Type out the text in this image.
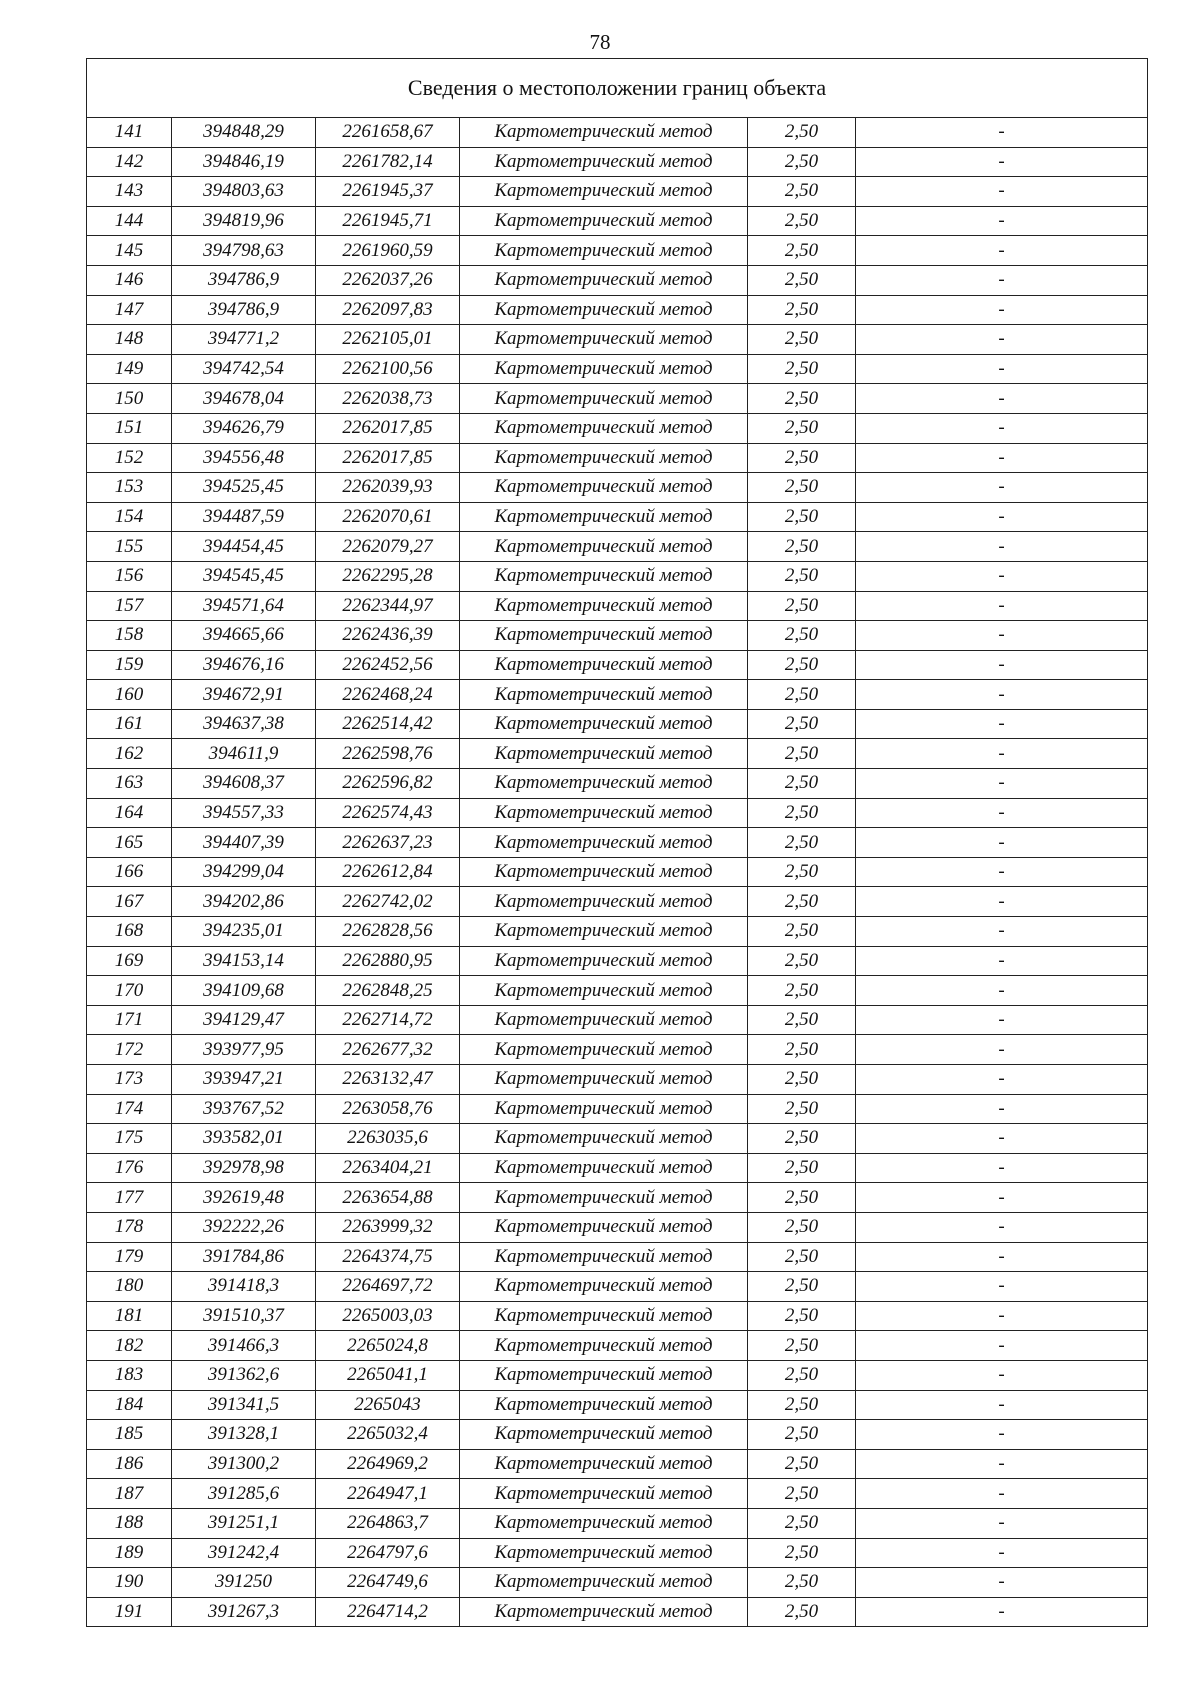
78
Сведения о местоположении границ объекта					
141	394848,29	2261658,67	Картометрический метод	2,50	-
142	394846,19	2261782,14	Картометрический метод	2,50	-
143	394803,63	2261945,37	Картометрический метод	2,50	-
144	394819,96	2261945,71	Картометрический метод	2,50	-
145	394798,63	2261960,59	Картометрический метод	2,50	-
146	394786,9	2262037,26	Картометрический метод	2,50	-
147	394786,9	2262097,83	Картометрический метод	2,50	-
148	394771,2	2262105,01	Картометрический метод	2,50	-
149	394742,54	2262100,56	Картометрический метод	2,50	-
150	394678,04	2262038,73	Картометрический метод	2,50	-
151	394626,79	2262017,85	Картометрический метод	2,50	-
152	394556,48	2262017,85	Картометрический метод	2,50	-
153	394525,45	2262039,93	Картометрический метод	2,50	-
154	394487,59	2262070,61	Картометрический метод	2,50	-
155	394454,45	2262079,27	Картометрический метод	2,50	-
156	394545,45	2262295,28	Картометрический метод	2,50	-
157	394571,64	2262344,97	Картометрический метод	2,50	-
158	394665,66	2262436,39	Картометрический метод	2,50	-
159	394676,16	2262452,56	Картометрический метод	2,50	-
160	394672,91	2262468,24	Картометрический метод	2,50	-
161	394637,38	2262514,42	Картометрический метод	2,50	-
162	394611,9	2262598,76	Картометрический метод	2,50	-
163	394608,37	2262596,82	Картометрический метод	2,50	-
164	394557,33	2262574,43	Картометрический метод	2,50	-
165	394407,39	2262637,23	Картометрический метод	2,50	-
166	394299,04	2262612,84	Картометрический метод	2,50	-
167	394202,86	2262742,02	Картометрический метод	2,50	-
168	394235,01	2262828,56	Картометрический метод	2,50	-
169	394153,14	2262880,95	Картометрический метод	2,50	-
170	394109,68	2262848,25	Картометрический метод	2,50	-
171	394129,47	2262714,72	Картометрический метод	2,50	-
172	393977,95	2262677,32	Картометрический метод	2,50	-
173	393947,21	2263132,47	Картометрический метод	2,50	-
174	393767,52	2263058,76	Картометрический метод	2,50	-
175	393582,01	2263035,6	Картометрический метод	2,50	-
176	392978,98	2263404,21	Картометрический метод	2,50	-
177	392619,48	2263654,88	Картометрический метод	2,50	-
178	392222,26	2263999,32	Картометрический метод	2,50	-
179	391784,86	2264374,75	Картометрический метод	2,50	-
180	391418,3	2264697,72	Картометрический метод	2,50	-
181	391510,37	2265003,03	Картометрический метод	2,50	-
182	391466,3	2265024,8	Картометрический метод	2,50	-
183	391362,6	2265041,1	Картометрический метод	2,50	-
184	391341,5	2265043	Картометрический метод	2,50	-
185	391328,1	2265032,4	Картометрический метод	2,50	-
186	391300,2	2264969,2	Картометрический метод	2,50	-
187	391285,6	2264947,1	Картометрический метод	2,50	-
188	391251,1	2264863,7	Картометрический метод	2,50	-
189	391242,4	2264797,6	Картометрический метод	2,50	-
190	391250	2264749,6	Картометрический метод	2,50	-
191	391267,3	2264714,2	Картометрический метод	2,50	-
